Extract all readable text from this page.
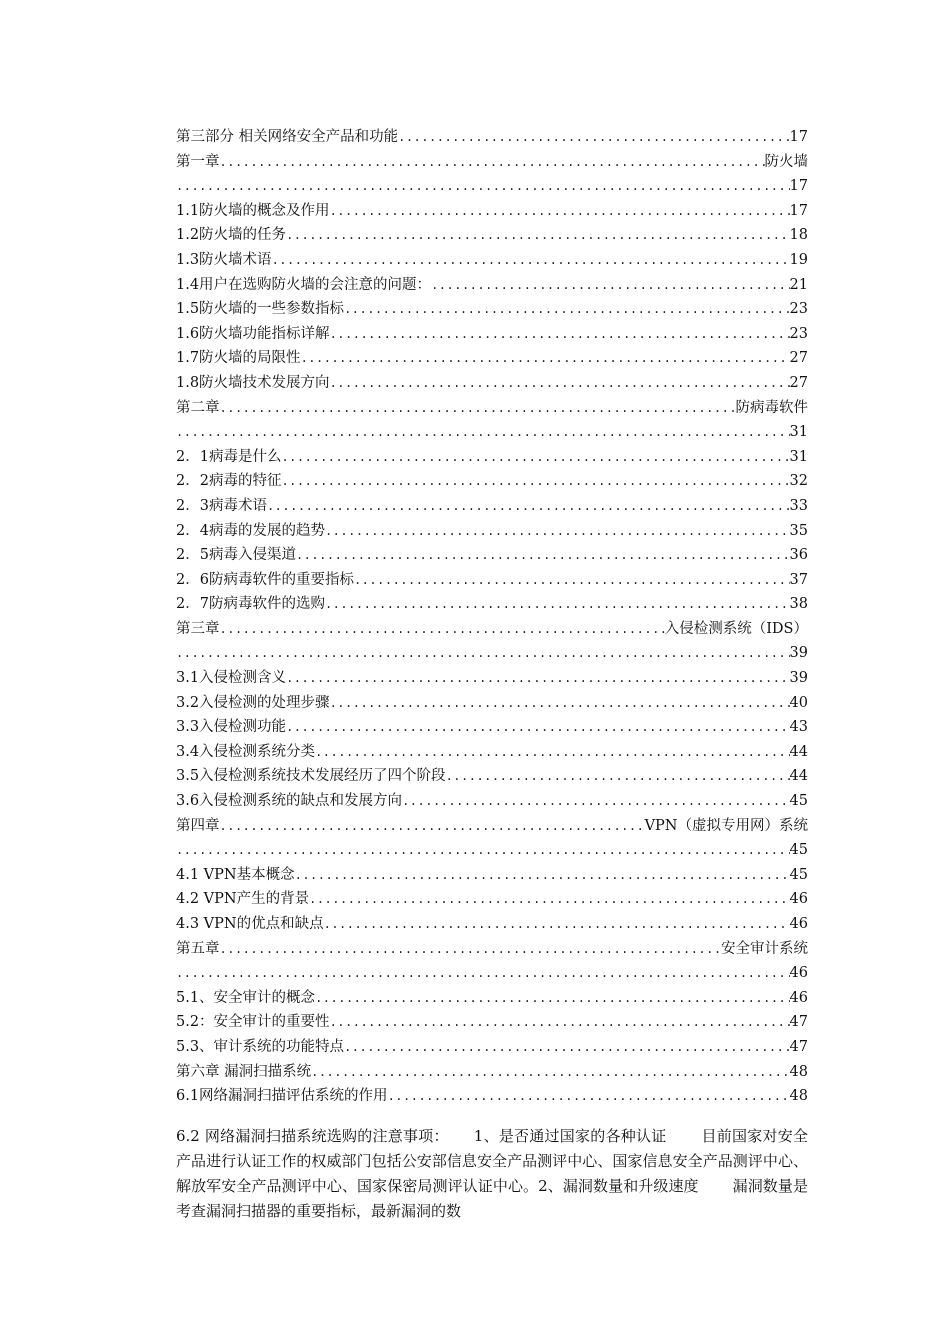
第三部分 相关网络安全产品和功能 .....	17
第一章 .....	防火墙
.....
17
1.1防火墙的概念及作用 .....	17
1.2防火墙的任务 .....	18
1.3防火墙术语 .....	19
1.4用户在选购防火墙的会注意的问题： .....	21
1.5防火墙的一些参数指标 .....	23
1.6防火墙功能指标详解 .....	23
1.7防火墙的局限性 .....	27
1.8防火墙技术发展方向 .....	27
第二章 .....	防病毒软件
.....
31
2．1病毒是什么 .....	31
2．2病毒的特征 .....	32
2．3病毒术语 .....	33
2．4病毒的发展的趋势 .....	35
2．5病毒入侵渠道 .....	36
2．6防病毒软件的重要指标 .....	37
2．7防病毒软件的选购 .....	38
第三章 .....	入侵检测系统（IDS）
.....
39
3.1入侵检测含义 .....	39
3.2入侵检测的处理步骤 .....	40
3.3入侵检测功能 .....	43
3.4入侵检测系统分类 .....	44
3.5入侵检测系统技术发展经历了四个阶段 .....	44
3.6入侵检测系统的缺点和发展方向 .....	45
第四章 .....	VPN（虚拟专用网）系统
.....
45
4.1 VPN基本概念 .....	45
4.2 VPN产生的背景 .....	46
4.3 VPN的优点和缺点 .....	46
第五章 .....	安全审计系统
.....
46
5.1、安全审计的概念 .....	46
5.2：安全审计的重要性 .....	47
5.3、审计系统的功能特点 .....	47
第六章 漏洞扫描系统 .....	48
6.1网络漏洞扫描评估系统的作用 .....	48
6.2 网络漏洞扫描系统选购的注意事项：     1、是否通过国家的各种认证       目前国家对安全产品进行认证工作的权威部门包括公安部信息安全产品测评中心、国家信息安全产品测评中心、解放军安全产品测评中心、国家保密局测评认证中心。2、漏洞数量和升级速度       漏洞数量是考查漏洞扫描器的重要指标，最新漏洞的数
